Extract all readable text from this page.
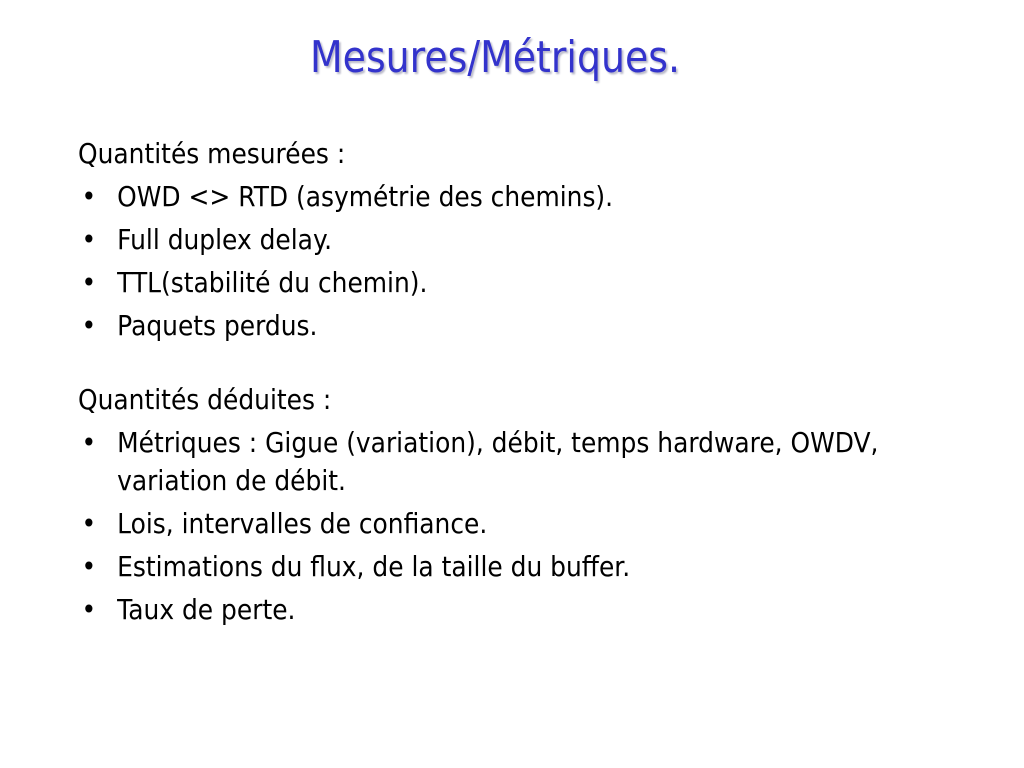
Mesures/Métriques.

Quantités mesurées :

• OWD <> RTD (asymétrie des chemins).
• Full duplex delay.
• TTL(stabilité du chemin).
• Paquets perdus.

Quantités déduites :

• Métriques : Gigue (variation), débit, temps hardware, OWDV, variation de débit.
• Lois, intervalles de confiance.
• Estimations du flux, de la taille du buffer.
• Taux de perte.
